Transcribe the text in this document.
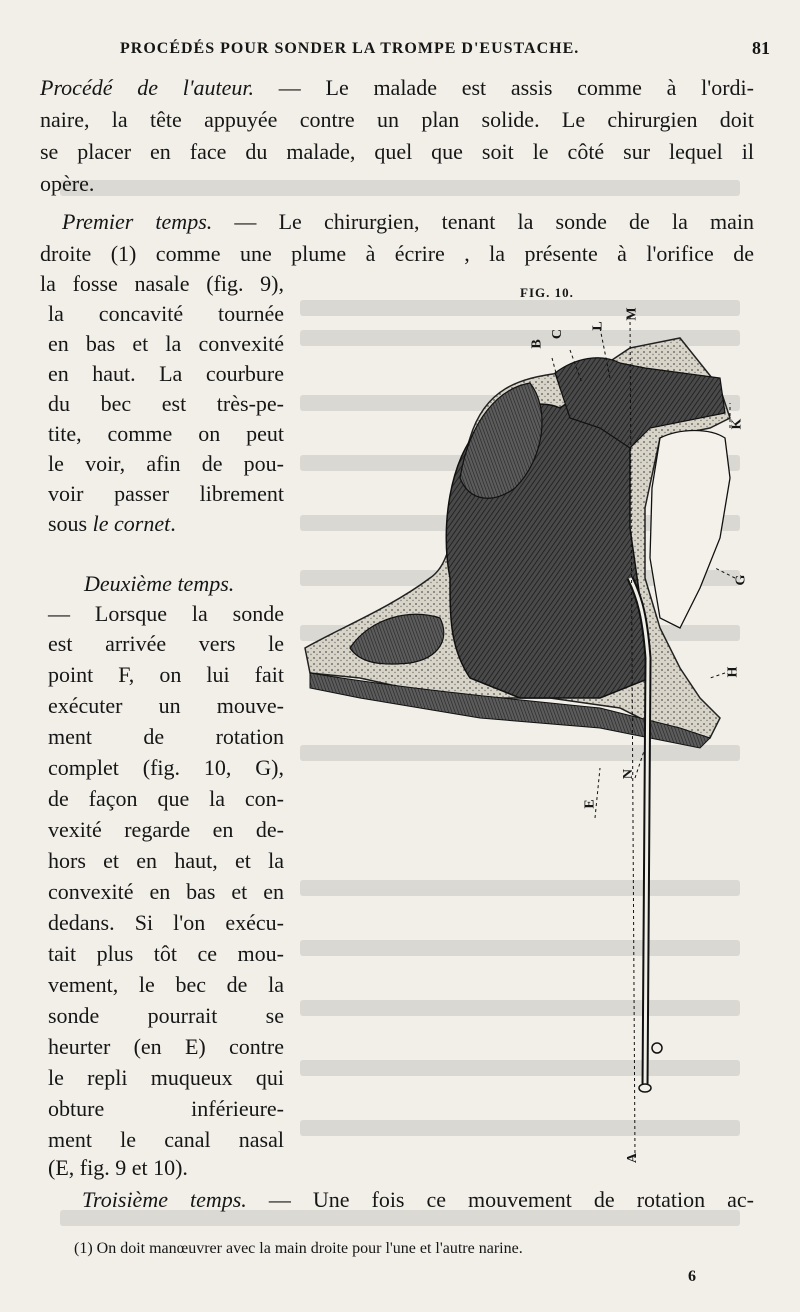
PROCÉDÉS POUR SONDER LA TROMPE D'EUSTACHE.	81
Procédé de l'auteur. — Le malade est assis comme à l'ordi-
naire, la tête appuyée contre un plan solide. Le chirurgien doit
se placer en face du malade, quel que soit le côté sur lequel il
opère.
Premier temps. — Le chirurgien, tenant la sonde de la main
droite (1) comme une plume à écrire , la présente à l'orifice de
la fosse nasale (fig. 9),
la concavité tournée
en bas et la convexité
en haut. La courbure
du bec est très-pe-
tite, comme on peut
le voir, afin de pou-
voir passer librement
sous le cornet.
Deuxième temps.
— Lorsque la sonde
est arrivée vers le
point F, on lui fait
exécuter un mouve-
ment de rotation
complet (fig. 10, G),
de façon que la con-
vexité regarde en de-
hors et en haut, et la
convexité en bas et en
dedans. Si l'on exécu-
tait plus tôt ce mou-
vement, le bec de la
sonde pourrait se
heurter (en E) contre
le repli muqueux qui
obture inférieure-
ment le canal nasal
(E, fig. 9 et 10).
Troisième temps. — Une fois ce mouvement de rotation ac-
FIG. 10.
B
C
L
M
K
G
H
N
E
A
(1) On doit manœuvrer avec la main droite pour l'une et l'autre narine.
6
